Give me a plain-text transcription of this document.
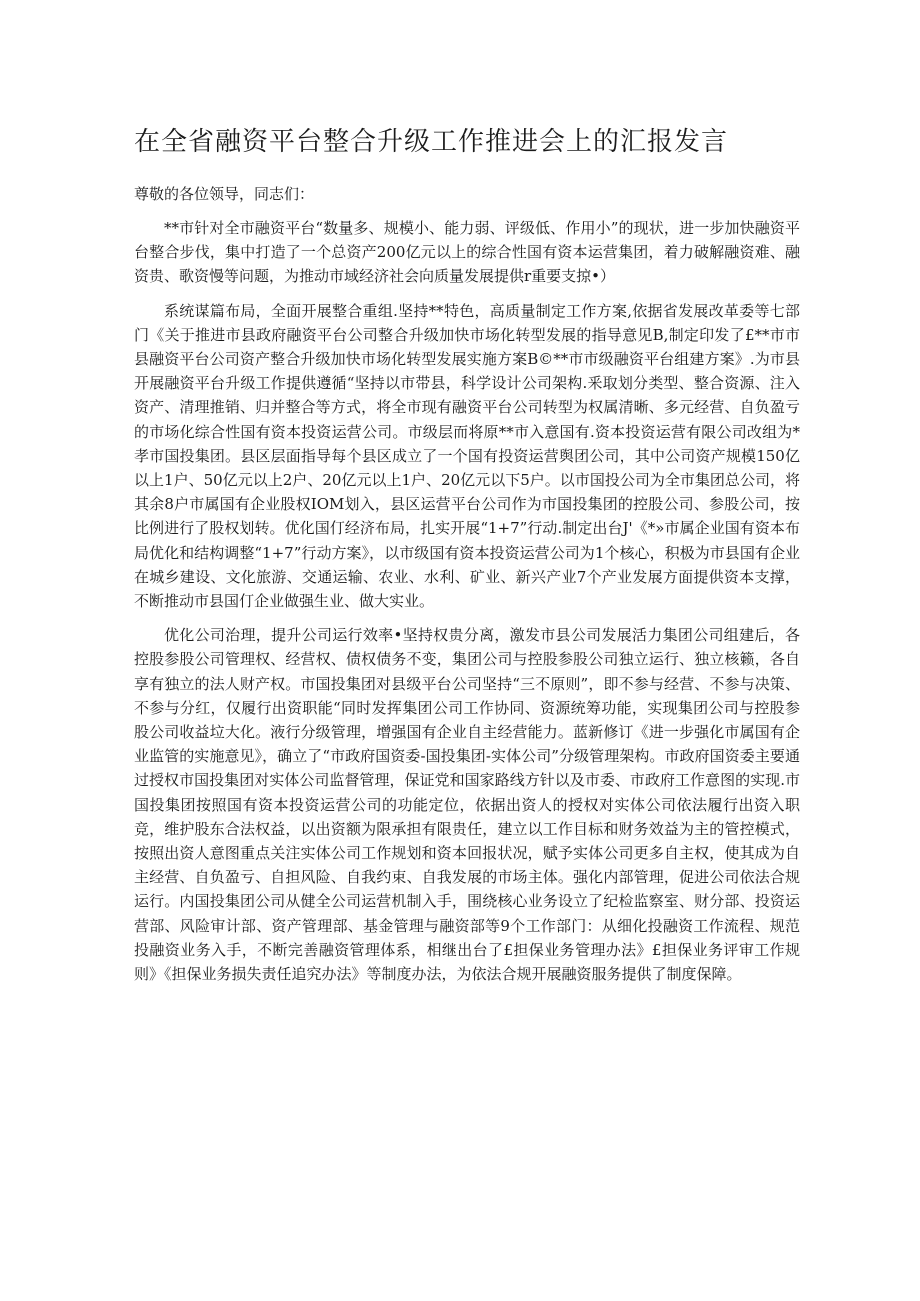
在全省融资平台整合升级工作推进会上的汇报发言

尊敬的各位领导，同志们：

**市针对全市融资平台“数量多、规模小、能力弱、评级低、作用小”的现状，进一步加快融资平台整合步伐，集中打造了一个总资产200亿元以上的综合性国有资本运营集团，着力破解融资难、融资贵、歌资慢等问题，为推动市域经济社会向质量发展提供r重要支掠•）

系统谋篇布局，全面开展整合重组.坚持**特色，高质量制定工作方案,依据省发展改革委等七部门《关于推进市县政府融资平台公司整合升级加快市场化转型发展的指导意见B,制定印发了£**市市县融资平台公司资产整合升级加快市场化转型发展实施方案B©**市市级融资平台组建方案》.为市县开展融资平台升级工作提供遵循“坚持以市带县，科学设计公司架构.釆取划分类型、整合资源、注入资产、清理推销、归并整合等方式，将全市现有融资平台公司转型为权属清晰、多元经营、自负盈亏的市场化综合性国有资本投资运营公司。市级层而将原**市入意国有.资本投资运营有限公司改组为*孝市国投集团。县区层面指导每个县区成立了一个国有投资运营舆团公司，其中公司资产规模150亿以上1户、50亿元以上2户、20亿元以上1户、20亿元以下5户。以市国投公司为全市集团总公司，将其余8户市属国有企业股权IOM划入，县区运营平台公司作为市国投集团的控股公司、参股公司，按比例进行了股权划转。优化国仃经济布局，扎实开展“1+7”行动.制定出台J'《*»市属企业国有资本布局优化和结构调整“1+7”行动方案》，以市级国有资本投资运营公司为1个核心，积极为市县国有企业在城乡建设、文化旅游、交通运输、农业、水利、矿业、新兴产业7个产业发展方面提供资本支撑，不断推动市县国仃企业做强生业、做大实业。

优化公司治理，提升公司运行效率•坚持权贵分离，激发市县公司发展活力集团公司组建后，各控股参股公司管理权、经营权、债权债务不变，集团公司与控股参股公司独立运行、独立核籁，各自享有独立的法人财产权。市国投集团对县级平台公司坚持“三不原则”，即不参与经营、不参与决策、不参与分红，仅履行出资职能“同时发挥集团公司工作协同、资源统筹功能，实现集团公司与控股参股公司收益垃大化。液行分级管理，增强国有企业自主经营能力。蓝新修订《进一步强化市属国有企业监管的实施意见》，确立了“市政府国资委-国投集团-实体公司”分级管理架构。市政府国资委主要通过授权市国投集团对实体公司监督管理，保证党和国家路线方针以及市委、市政府工作意图的实现.市国投集团按照国有资本投资运营公司的功能定位，依据出资人的授权对实体公司依法履行出资入职竞，维护股东合法权益，以出资额为限承担有限贵任，建立以工作目标和财务效益为主的管控模式，按照出资人意图重点关注实体公司工作规划和资本回报状况，赋予实体公司更多自主权，使其成为自主经营、自负盈亏、自担风险、自我约束、自我发展的市场主体。强化内部管理，促进公司依法合规运行。内国投集团公司从健全公司运营机制入手，围绕核心业务设立了纪检监察室、财分部、投资运营部、风险审计部、资产管理部、基金管理与融资部等9个工作部门：从细化投融资工作流程、规范投融资业务入手，不断完善融资管理体系，相继出台了£担保业务管理办法》£担保业务评审工作规则》《担保业务损失责任追究办法》等制度办法，为依法合规开展融资服务提供了制度保障。
